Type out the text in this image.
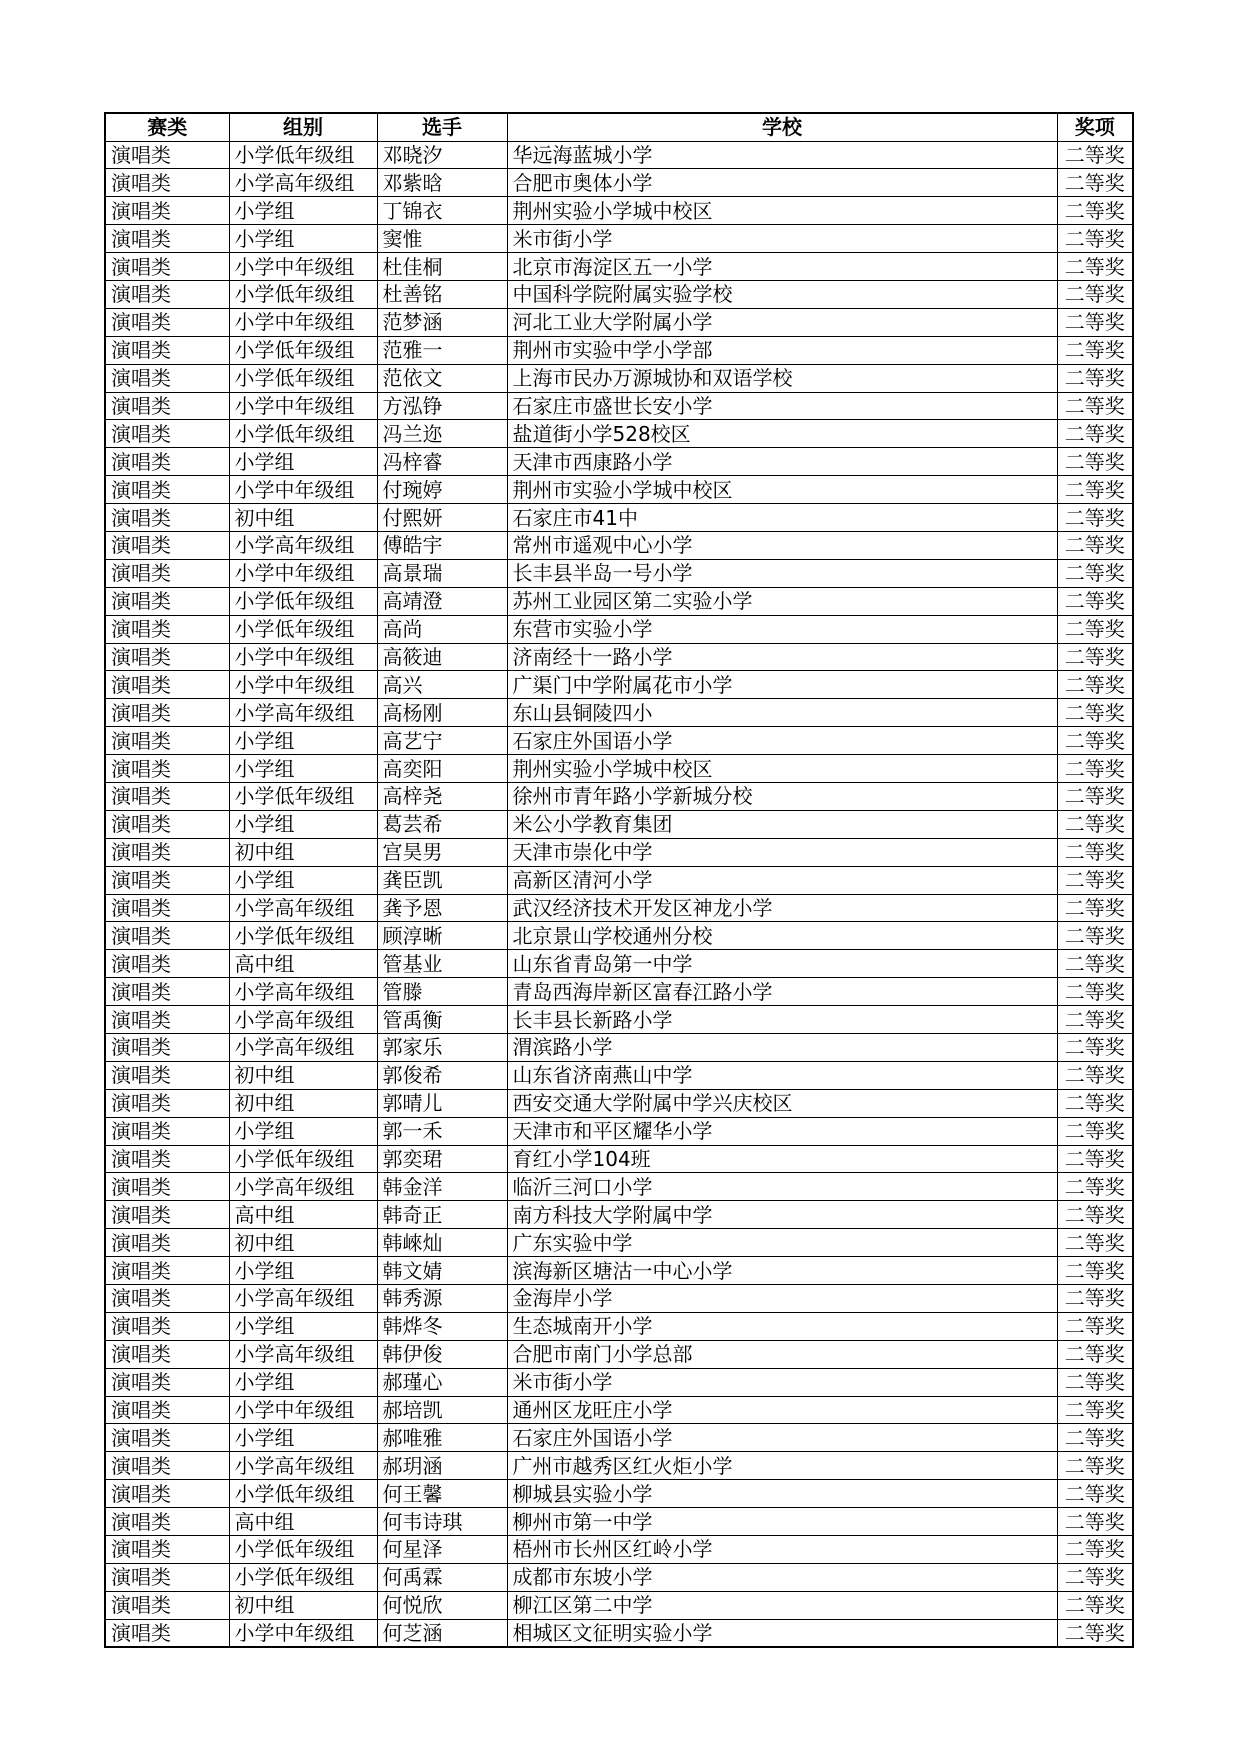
赛类	组别	选手	学校	奖项
演唱类	小学低年级组	邓晓汐	华远海蓝城小学	二等奖
演唱类	小学高年级组	邓紫晗	合肥市奥体小学	二等奖
演唱类	小学组	丁锦衣	荆州实验小学城中校区	二等奖
演唱类	小学组	窦惟	米市街小学	二等奖
演唱类	小学中年级组	杜佳桐	北京市海淀区五一小学	二等奖
演唱类	小学低年级组	杜善铭	中国科学院附属实验学校	二等奖
演唱类	小学中年级组	范梦涵	河北工业大学附属小学	二等奖
演唱类	小学低年级组	范雅一	荆州市实验中学小学部	二等奖
演唱类	小学低年级组	范依文	上海市民办万源城协和双语学校	二等奖
演唱类	小学中年级组	方泓铮	石家庄市盛世长安小学	二等奖
演唱类	小学低年级组	冯兰迩	盐道街小学528校区	二等奖
演唱类	小学组	冯梓睿	天津市西康路小学	二等奖
演唱类	小学中年级组	付琬婷	荆州市实验小学城中校区	二等奖
演唱类	初中组	付熙妍	石家庄市41中	二等奖
演唱类	小学高年级组	傅皓宇	常州市遥观中心小学	二等奖
演唱类	小学中年级组	高景瑞	长丰县半岛一号小学	二等奖
演唱类	小学低年级组	高靖澄	苏州工业园区第二实验小学	二等奖
演唱类	小学低年级组	高尚	东营市实验小学	二等奖
演唱类	小学中年级组	高筱迪	济南经十一路小学	二等奖
演唱类	小学中年级组	高兴	广渠门中学附属花市小学	二等奖
演唱类	小学高年级组	高杨刚	东山县铜陵四小	二等奖
演唱类	小学组	高艺宁	石家庄外国语小学	二等奖
演唱类	小学组	高奕阳	荆州实验小学城中校区	二等奖
演唱类	小学低年级组	高梓尧	徐州市青年路小学新城分校	二等奖
演唱类	小学组	葛芸希	米公小学教育集团	二等奖
演唱类	初中组	宫昊男	天津市崇化中学	二等奖
演唱类	小学组	龚臣凯	高新区清河小学	二等奖
演唱类	小学高年级组	龚予恩	武汉经济技术开发区神龙小学	二等奖
演唱类	小学低年级组	顾淳晰	北京景山学校通州分校	二等奖
演唱类	高中组	管基业	山东省青岛第一中学	二等奖
演唱类	小学高年级组	管滕	青岛西海岸新区富春江路小学	二等奖
演唱类	小学高年级组	管禹衡	长丰县长新路小学	二等奖
演唱类	小学高年级组	郭家乐	渭滨路小学	二等奖
演唱类	初中组	郭俊希	山东省济南燕山中学	二等奖
演唱类	初中组	郭晴儿	西安交通大学附属中学兴庆校区	二等奖
演唱类	小学组	郭一禾	天津市和平区耀华小学	二等奖
演唱类	小学低年级组	郭奕珺	育红小学104班	二等奖
演唱类	小学高年级组	韩金洋	临沂三河口小学	二等奖
演唱类	高中组	韩奇正	南方科技大学附属中学	二等奖
演唱类	初中组	韩崍灿	广东实验中学	二等奖
演唱类	小学组	韩文婧	滨海新区塘沽一中心小学	二等奖
演唱类	小学高年级组	韩秀源	金海岸小学	二等奖
演唱类	小学组	韩烨冬	生态城南开小学	二等奖
演唱类	小学高年级组	韩伊俊	合肥市南门小学总部	二等奖
演唱类	小学组	郝瑾心	米市街小学	二等奖
演唱类	小学中年级组	郝培凯	通州区龙旺庄小学	二等奖
演唱类	小学组	郝唯雅	石家庄外国语小学	二等奖
演唱类	小学高年级组	郝玥涵	广州市越秀区红火炬小学	二等奖
演唱类	小学低年级组	何王馨	柳城县实验小学	二等奖
演唱类	高中组	何韦诗琪	柳州市第一中学	二等奖
演唱类	小学低年级组	何星泽	梧州市长州区红岭小学	二等奖
演唱类	小学低年级组	何禹霖	成都市东坡小学	二等奖
演唱类	初中组	何悦欣	柳江区第二中学	二等奖
演唱类	小学中年级组	何芝涵	相城区文征明实验小学	二等奖
